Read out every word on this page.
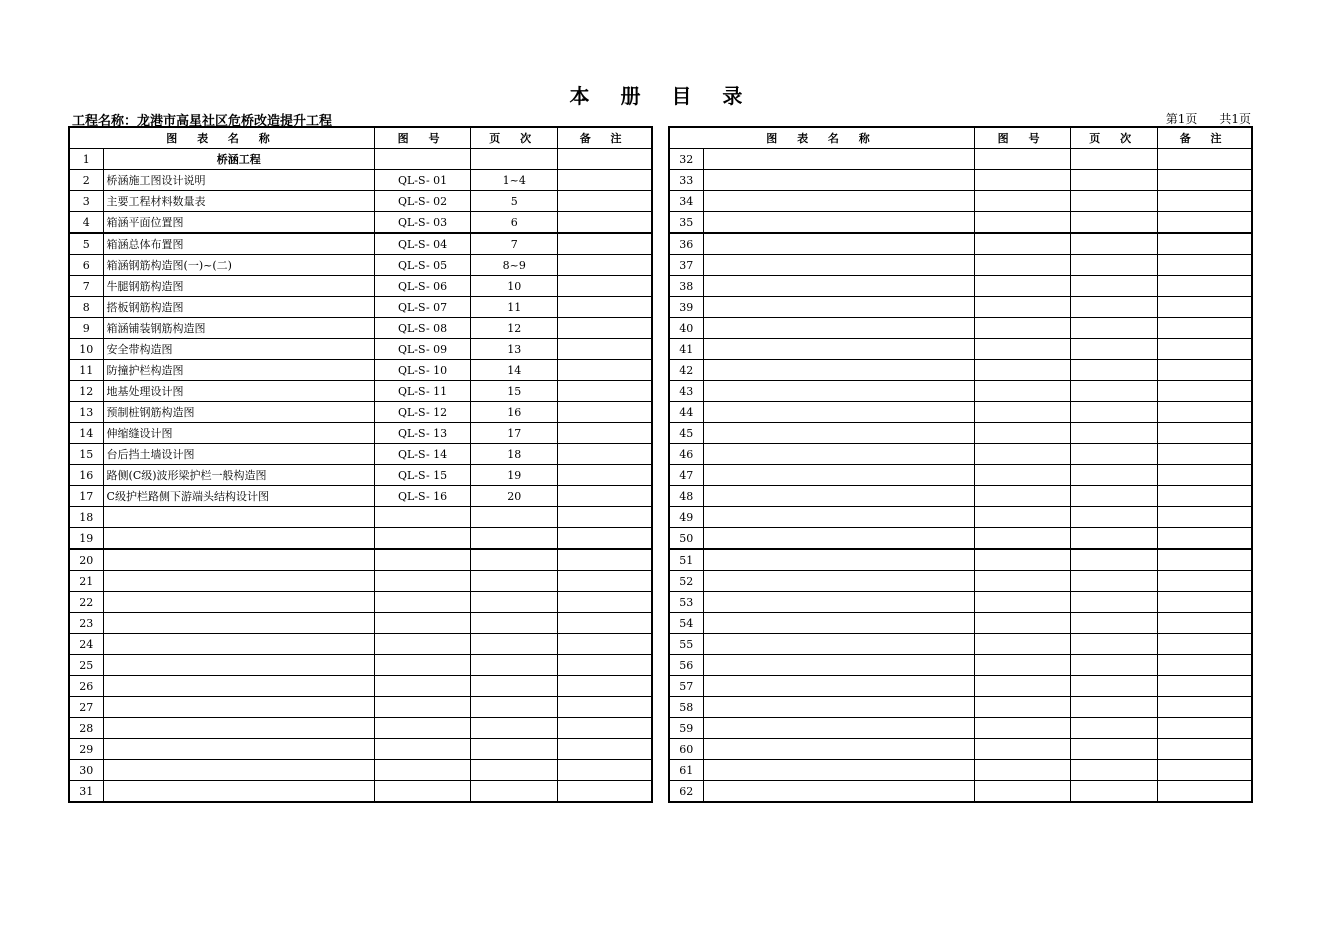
本 册 目 录
工程名称：龙港市高星社区危桥改造提升工程	第1页 共1页
图 表 名 称		图 号	页 次	备 注
1	桥涵工程			
2	桥涵施工图设计说明	QL-S- 01	1~4	
3	主要工程材料数量表	QL-S- 02	5	
4	箱涵平面位置图	QL-S- 03	6	
5	箱涵总体布置图	QL-S- 04	7	
6	箱涵钢筋构造图(一)~(二)	QL-S- 05	8~9	
7	牛腿钢筋构造图	QL-S- 06	10	
8	搭板钢筋构造图	QL-S- 07	11	
9	箱涵铺装钢筋构造图	QL-S- 08	12	
10	安全带构造图	QL-S- 09	13	
11	防撞护栏构造图	QL-S- 10	14	
12	地基处理设计图	QL-S- 11	15	
13	预制桩钢筋构造图	QL-S- 12	16	
14	伸缩缝设计图	QL-S- 13	17	
15	台后挡土墙设计图	QL-S- 14	18	
16	路侧(C级)波形梁护栏一般构造图	QL-S- 15	19	
17	C级护栏路侧下游端头结构设计图	QL-S- 16	20	
18				
19				
20				
21				
22				
23				
24				
25				
26				
27				
28				
29				
30				
31				
图 表 名 称		图 号	页 次	备 注
32				
33				
34				
35				
36				
37				
38				
39				
40				
41				
42				
43				
44				
45				
46				
47				
48				
49				
50				
51				
52				
53				
54				
55				
56				
57				
58				
59				
60				
61				
62				
